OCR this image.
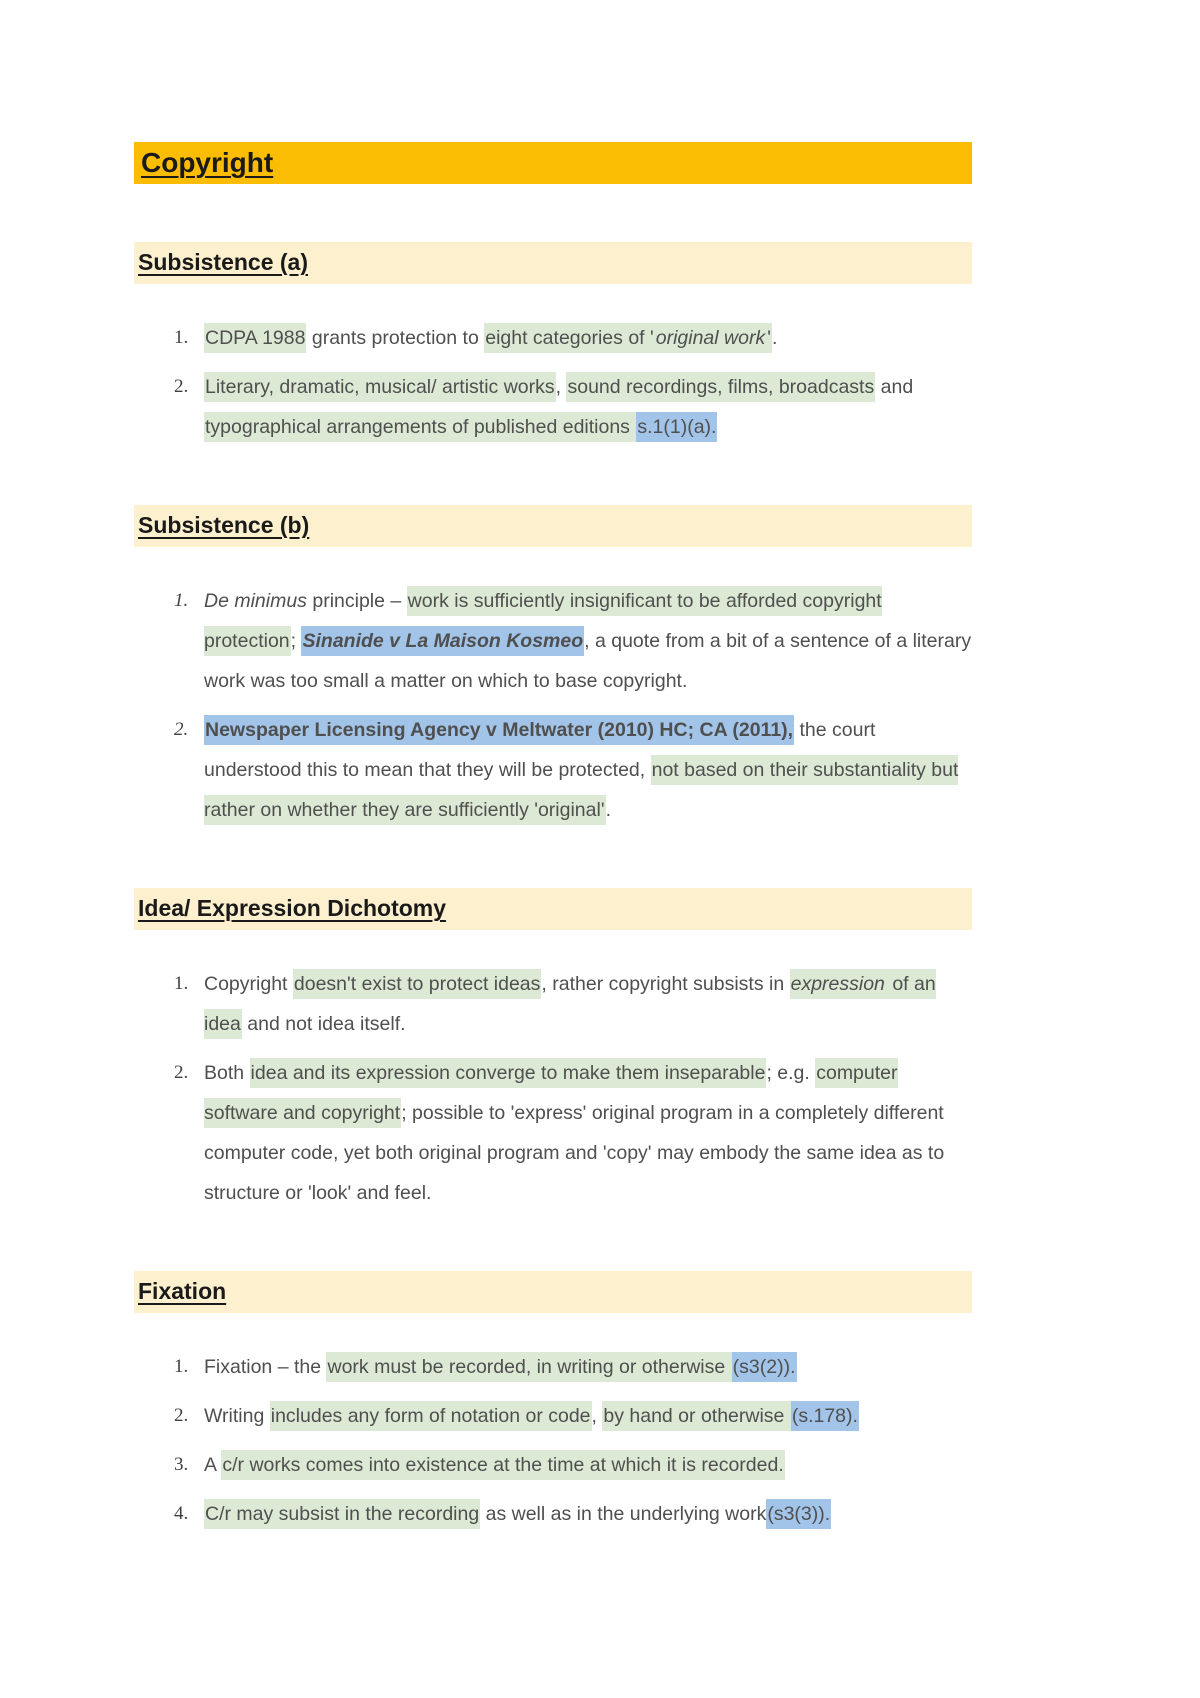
Copyright
Subsistence (a)
1. CDPA 1988 grants protection to eight categories of ' original work '.
2. Literary, dramatic, musical/ artistic works, sound recordings, films, broadcasts and typographical arrangements of published editions s.1(1)(a).
Subsistence (b)
1. De minimus principle – work is sufficiently insignificant to be afforded copyright protection; Sinanide v La Maison Kosmeo, a quote from a bit of a sentence of a literary work was too small a matter on which to base copyright.
2. Newspaper Licensing Agency v Meltwater (2010) HC; CA (2011), the court understood this to mean that they will be protected, not based on their substantiality but rather on whether they are sufficiently 'original'.
Idea/ Expression Dichotomy
1. Copyright doesn't exist to protect ideas, rather copyright subsists in expression of an idea and not idea itself.
2. Both idea and its expression converge to make them inseparable; e.g. computer software and copyright; possible to 'express' original program in a completely different computer code, yet both original program and 'copy' may embody the same idea as to structure or 'look' and feel.
Fixation
1. Fixation – the work must be recorded, in writing or otherwise (s3(2)).
2. Writing includes any form of notation or code, by hand or otherwise (s.178).
3. A c/r works comes into existence at the time at which it is recorded.
4. C/r may subsist in the recording as well as in the underlying work(s3(3)).
